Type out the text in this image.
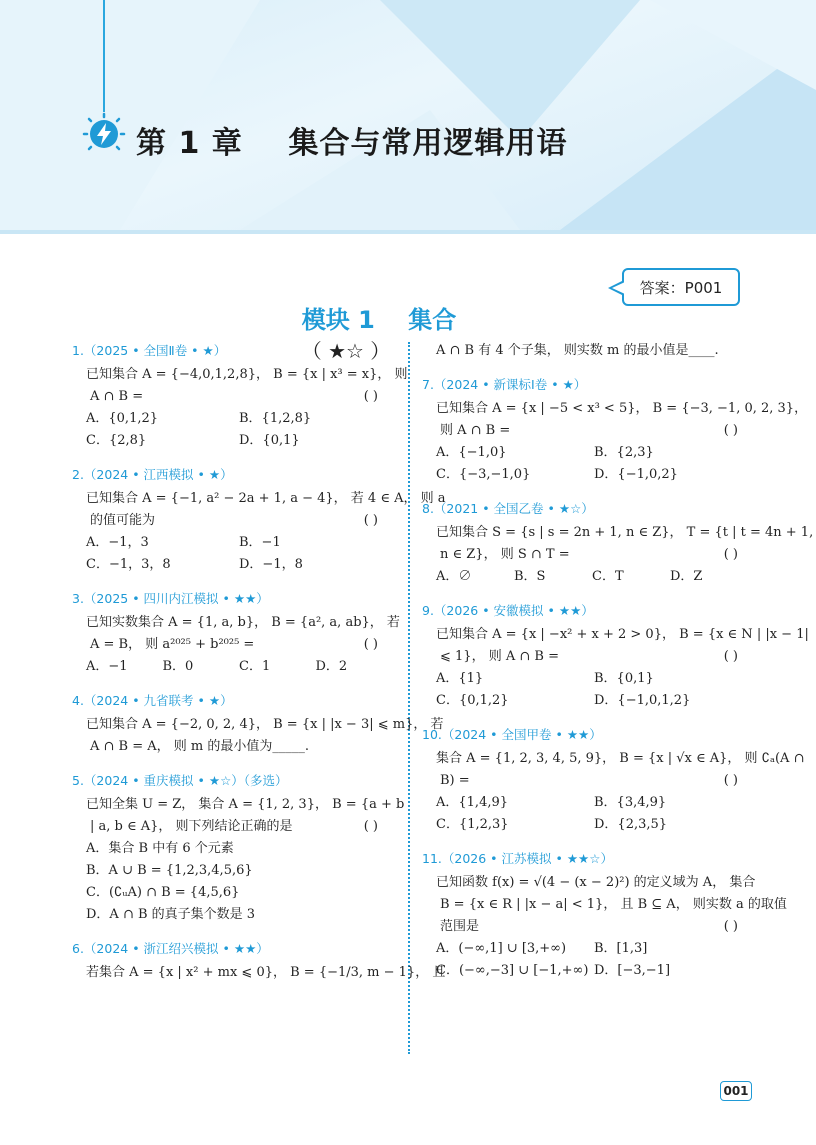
第 1 章    集合与常用逻辑用语

模块 1    集合
（ ★☆ ）

答案：P001
1.（2025 • 全国Ⅱ卷 • ★）
已知集合 A = {−4,0,1,2,8}， B = {x | x³ = x}， 则
A ∩ B =	( )
A．{0,1,2}	B．{1,2,8}
C．{2,8}	D．{0,1}
2.（2024 • 江西模拟 • ★）
已知集合 A = {−1, a² − 2a + 1, a − 4}， 若 4 ∈ A， 则 a
的值可能为	( )
A．−1，3	B．−1
C．−1，3，8	D．−1，8
3.（2025 • 四川内江模拟 • ★★）
已知实数集合 A = {1, a, b}， B = {a², a, ab}， 若
A = B， 则 a²⁰²⁵ + b²⁰²⁵ =	( )
A．−1	B．0	C．1	D．2
4.（2024 • 九省联考 • ★）
已知集合 A = {−2, 0, 2, 4}， B = {x | |x − 3| ⩽ m}， 若
A ∩ B = A， 则 m 的最小值为_____.
5.（2024 • 重庆模拟 • ★☆）（多选）
已知全集 U = Z， 集合 A = {1, 2, 3}， B = {a + b
| a, b ∈ A}， 则下列结论正确的是	( )
A．集合 B 中有 6 个元素
B．A ∪ B = {1,2,3,4,5,6}
C．(∁ᵤA) ∩ B = {4,5,6}
D．A ∩ B 的真子集个数是 3
6.（2024 • 浙江绍兴模拟 • ★★）
若集合 A = {x | x² + mx ⩽ 0}， B = {−1/3, m − 1}， 且
A ∩ B 有 4 个子集， 则实数 m 的最小值是____.
7.（2024 • 新课标Ⅰ卷 • ★）
已知集合 A = {x | −5 < x³ < 5}， B = {−3, −1, 0, 2, 3}，
则 A ∩ B =	( )
A．{−1,0}	B．{2,3}
C．{−3,−1,0}	D．{−1,0,2}
8.（2021 • 全国乙卷 • ★☆）
已知集合 S = {s | s = 2n + 1, n ∈ Z}， T = {t | t = 4n + 1,
n ∈ Z}， 则 S ∩ T =	( )
A．∅	B．S	C．T	D．Z
9.（2026 • 安徽模拟 • ★★）
已知集合 A = {x | −x² + x + 2 > 0}， B = {x ∈ N | |x − 1|
⩽ 1}， 则 A ∩ B =	( )
A．{1}	B．{0,1}
C．{0,1,2}	D．{−1,0,1,2}
10.（2024 • 全国甲卷 • ★★）
集合 A = {1, 2, 3, 4, 5, 9}， B = {x | √x ∈ A}， 则 ∁ₐ(A ∩
B) =	( )
A．{1,4,9}	B．{3,4,9}
C．{1,2,3}	D．{2,3,5}
11.（2026 • 江苏模拟 • ★★☆）
已知函数 f(x) = √(4 − (x − 2)²) 的定义域为 A， 集合
B = {x ∈ R | |x − a| < 1}， 且 B ⊆ A， 则实数 a 的取值
范围是	( )
A．(−∞,1] ∪ [3,+∞)	B．[1,3]
C．(−∞,−3] ∪ [−1,+∞) D．[−3,−1]
001
